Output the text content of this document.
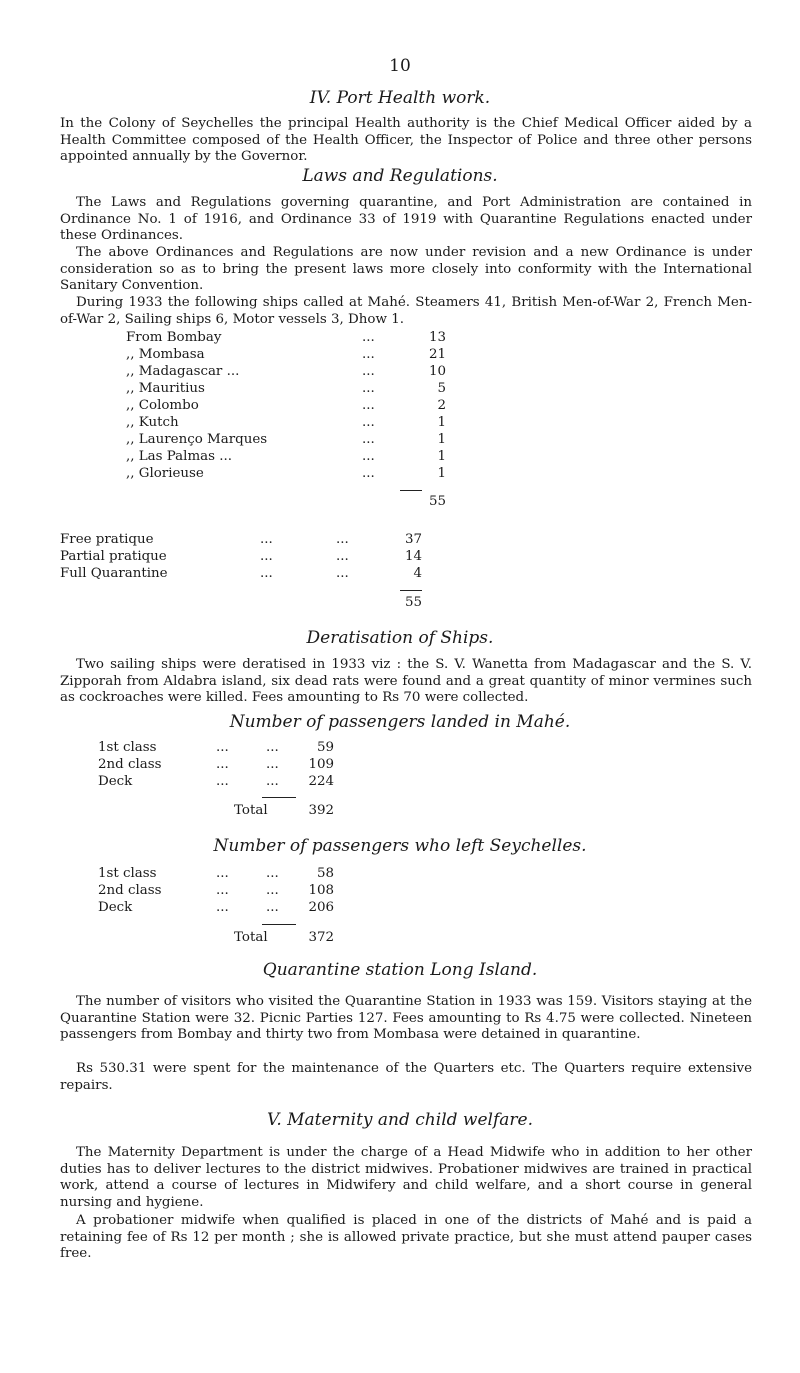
10
IV. Port Health work.

In the Colony of Seychelles the principal Health authority is the Chief Medical Officer aided by a Health Committee composed of the Health Officer, the Inspector of Police and three other persons appointed annually by the Governor.

Laws and Regulations.

The Laws and Regulations governing quarantine, and Port Administration are contained in Ordinance No. 1 of 1916, and Ordinance 33 of 1919 with Quarantine Regulations enacted under these Ordinances.

The above Ordinances and Regulations are now under revision and a new Ordinance is under consideration so as to bring the present laws more closely into conformity with the International Sanitary Convention.

During 1933 the following ships called at Mahé. Steamers 41, British Men-of-War 2, French Men-of-War 2, Sailing ships 6, Motor vessels 3, Dhow 1.

From Bombay	...	13
,, Mombasa	...	21
,, Madagascar ...	...	10
,, Mauritius	...	5
,, Colombo	...	2
,, Kutch	...	1
,, Laurenço Marques	...	1
,, Las Palmas ...	...	1
,, Glorieuse	...	1
55
Free pratique	...	...	37
Partial pratique	...	...	14
Full Quarantine	...	...	4
55
Deratisation of Ships.

Two sailing ships were deratised in 1933 viz : the S. V. Wanetta from Madagascar and the S. V. Zipporah from Aldabra island, six dead rats were found and a great quantity of minor vermines such as cockroaches were killed. Fees amounting to Rs 70 were collected.

Number of passengers landed in Mahé.
1st class	...	...	59
2nd class	...	...	109
Deck	...	...	224
Total	392
Number of passengers who left Seychelles.
1st class	...	...	58
2nd class	...	...	108
Deck	...	...	206
Total	372
Quarantine station Long Island.

The number of visitors who visited the Quarantine Station in 1933 was 159. Visitors staying at the Quarantine Station were 32. Picnic Parties 127. Fees amounting to Rs 4.75 were collected. Nineteen passengers from Bombay and thirty two from Mombasa were detained in quarantine.

Rs 530.31 were spent for the maintenance of the Quarters etc. The Quarters require extensive repairs.

V. Maternity and child welfare.

The Maternity Department is under the charge of a Head Midwife who in addition to her other duties has to deliver lectures to the district midwives. Probationer midwives are trained in practical work, attend a course of lectures in Midwifery and child welfare, and a short course in general nursing and hygiene.

A probationer midwife when qualified is placed in one of the districts of Mahé and is paid a retaining fee of Rs 12 per month ; she is allowed private practice, but she must attend pauper cases free.
